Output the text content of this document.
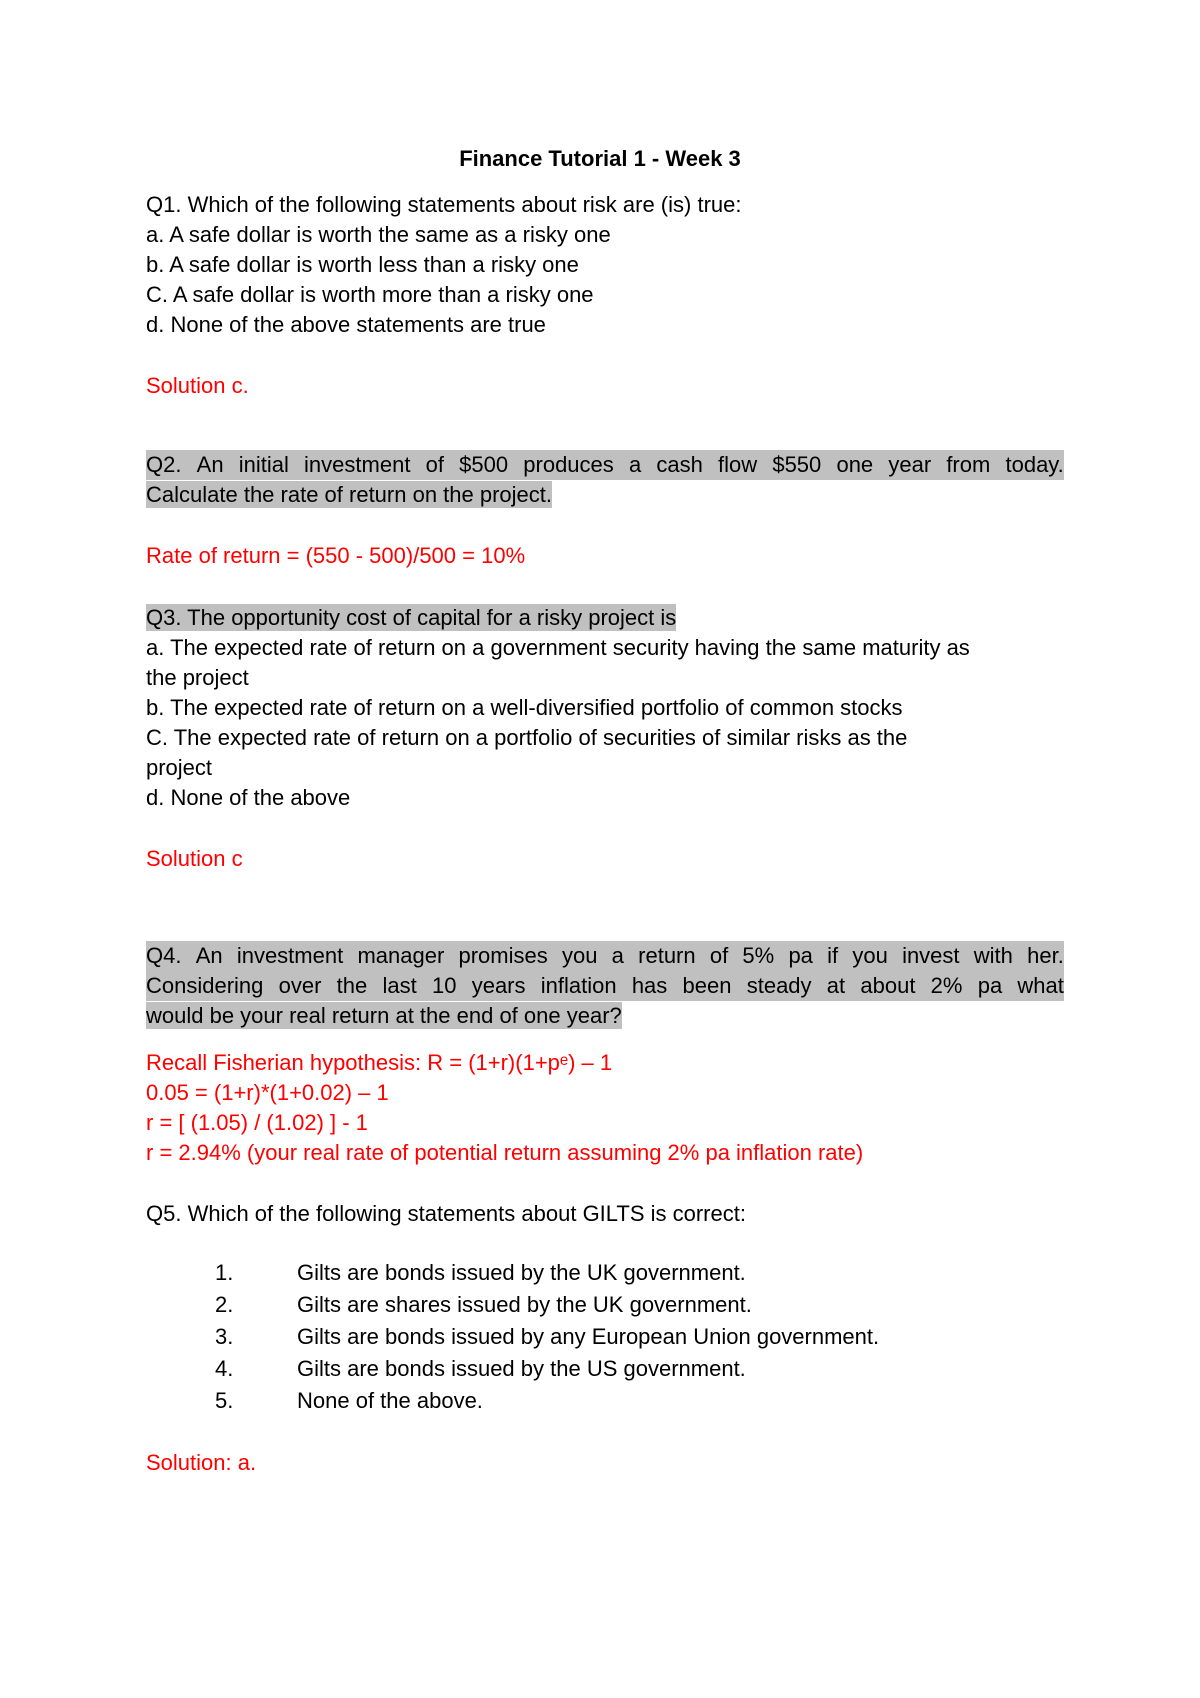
Finance Tutorial 1 - Week 3
Q1. Which of the following statements about risk are (is) true:
a. A safe dollar is worth the same as a risky one
b. A safe dollar is worth less than a risky one
C. A safe dollar is worth more than a risky one
d. None of the above statements are true
Solution c.
Q2. An initial investment of $500 produces a cash flow $550 one year from today.
Calculate the rate of return on the project.
Rate of return = (550 - 500)/500 = 10%
Q3. The opportunity cost of capital for a risky project is
a. The expected rate of return on a government security having the same maturity as
the project
b. The expected rate of return on a well-diversified portfolio of common stocks
C. The expected rate of return on a portfolio of securities of similar risks as the
project
d. None of the above
Solution c
Q4. An investment manager promises you a return of 5% pa if you invest with her.
Considering over the last 10 years inflation has been steady at about 2% pa what
would be your real return at the end of one year?
Recall Fisherian hypothesis: R = (1+r)(1+pᵉ) – 1
0.05 = (1+r)*(1+0.02) – 1
r = [ (1.05) / (1.02) ] - 1
r = 2.94% (your real rate of potential return assuming 2% pa inflation rate)
Q5. Which of the following statements about GILTS is correct:
1.	Gilts are bonds issued by the UK government.
2.	Gilts are shares issued by the UK government.
3.	Gilts are bonds issued by any European Union government.
4.	Gilts are bonds issued by the US government.
5.	None of the above.
Solution: a.
